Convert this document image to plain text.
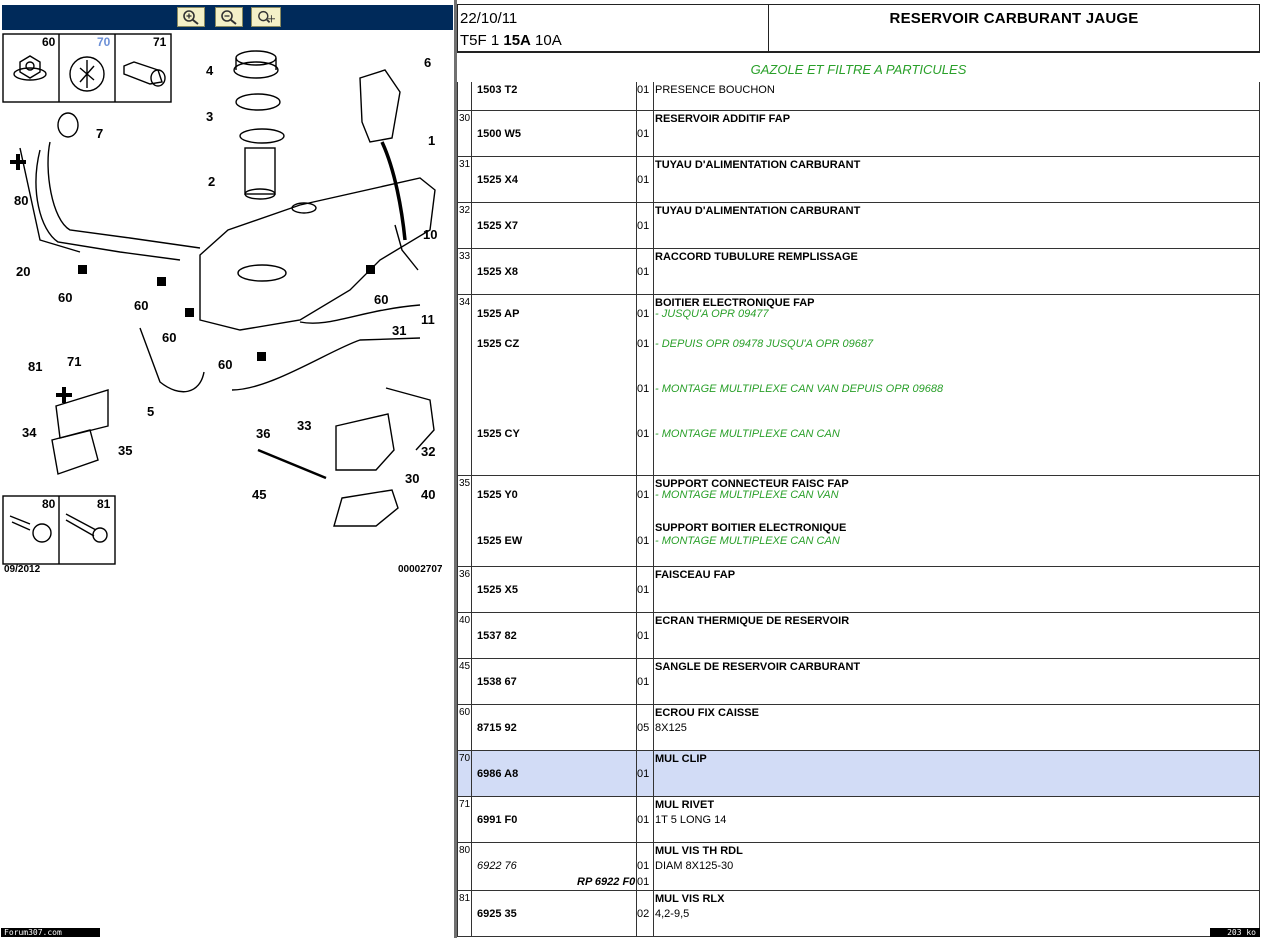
4
3
2
6
1
7
80
10
20
60
60
60
60
11
31
81 71
5
60
34
35
33
36
32
30
45	40
60	70	71
80	81
09/2012	00002707
22/10/11
T5F 1 15A 10A
RESERVOIR CARBURANT JAUGE
GAZOLE ET FILTRE A PARTICULES
1503 T2	01 PRESENCE BOUCHON
30	RESERVOIR ADDITIF FAP
1500 W5	01
31	TUYAU D'ALIMENTATION CARBURANT
1525 X4	01
32	TUYAU D'ALIMENTATION CARBURANT
1525 X7	01
33	RACCORD TUBULURE REMPLISSAGE
1525 X8	01
34	BOITIER ELECTRONIQUE FAP
1525 AP	01 - JUSQU'A OPR 09477
1525 CZ	01 - DEPUIS OPR 09478 JUSQU'A OPR 09687
01 - MONTAGE MULTIPLEXE CAN VAN DEPUIS OPR 09688
1525 CY	01 - MONTAGE MULTIPLEXE CAN CAN
35	SUPPORT CONNECTEUR FAISC FAP
SUPPORT BOITIER ELECTRONIQUE
1525 Y0	01 - MONTAGE MULTIPLEXE CAN VAN
1525 EW	01 - MONTAGE MULTIPLEXE CAN CAN
36	FAISCEAU FAP
1525 X5	01
40	ECRAN THERMIQUE DE RESERVOIR
1537 82	01
45	SANGLE DE RESERVOIR CARBURANT
1538 67	01
60	ECROU FIX CAISSE
8715 92	05 8X125
70	MUL CLIP
6986 A8	01
71	MUL RIVET
6991 F0	01 1T 5 LONG 14
80	MUL VIS TH RDL
6922 76	01 DIAM 8X125-30
RP 6922 F0 01
81	MUL VIS RLX
6925 35	02 4,2-9,5
Forum307.com	203 ko
